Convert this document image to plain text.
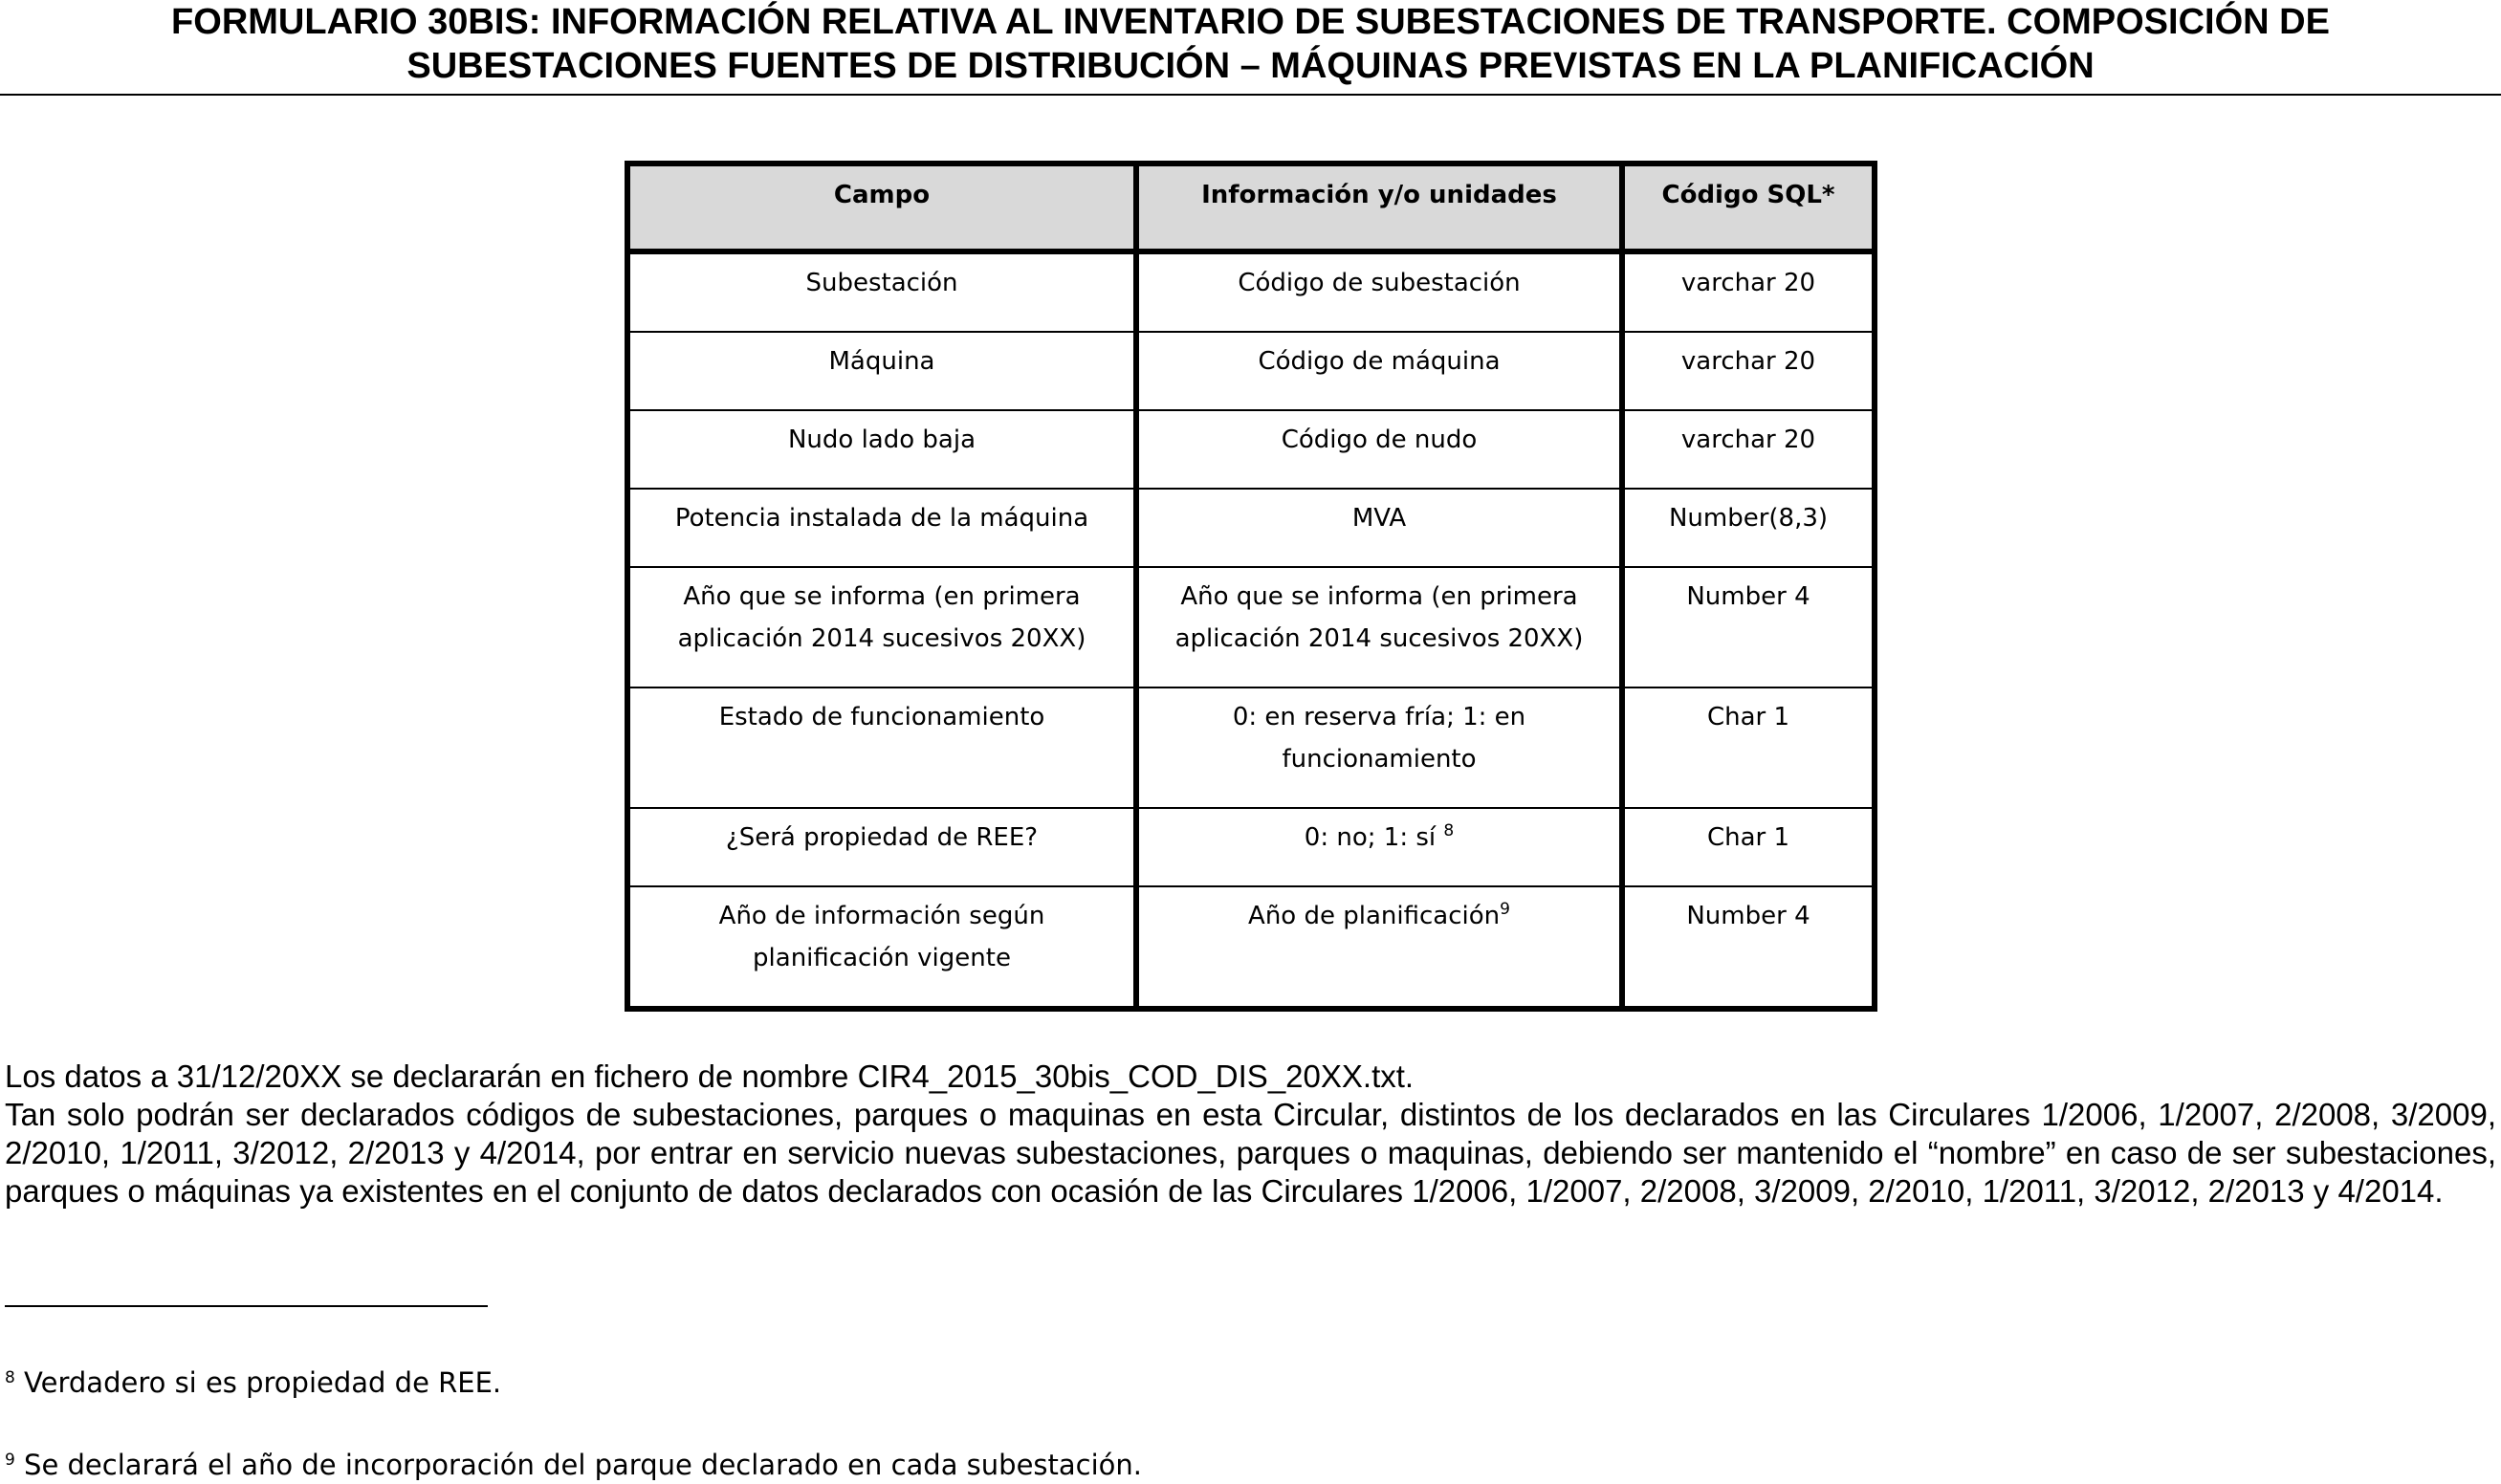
FORMULARIO 30BIS: INFORMACIÓN RELATIVA AL INVENTARIO DE SUBESTACIONES DE TRANSPORTE. COMPOSICIÓN DE
SUBESTACIONES FUENTES DE DISTRIBUCIÓN – MÁQUINAS PREVISTAS EN LA PLANIFICACIÓN
Campo	Información y/o unidades	Código SQL*
Subestación	Código de subestación	varchar 20
Máquina	Código de máquina	varchar 20
Nudo lado baja	Código de nudo	varchar 20
Potencia instalada de la máquina	MVA	Number(8,3)
Año que se informa (en primera aplicación 2014 sucesivos 20XX)	Año que se informa (en primera aplicación 2014 sucesivos 20XX)	Number 4
Estado de funcionamiento	0: en reserva fría; 1: en funcionamiento	Char 1
¿Será propiedad de REE?	0: no; 1: sí $^8$	Char 1
Año de información según planificación vigente	Año de planificación$^9$	Number 4

Los datos a 31/12/20XX se declararán en fichero de nombre CIR4_2015_30bis_COD_DIS_20XX.txt.

Tan solo podrán ser declarados códigos de subestaciones, parques o maquinas en esta Circular, distintos de los declarados en las Circulares 1/2006, 1/2007, 2/2008, 3/2009, 2/2010, 1/2011, 3/2012, 2/2013 y 4/2014, por entrar en servicio nuevas subestaciones, parques o maquinas, debiendo ser mantenido el “nombre” en caso de ser subestaciones, parques o máquinas ya existentes en el conjunto de datos declarados con ocasión de las Circulares 1/2006, 1/2007, 2/2008, 3/2009, 2/2010, 1/2011, 3/2012, 2/2013 y 4/2014.

$^8$ Verdadero si es propiedad de REE.
$^9$ Se declarará el año de incorporación del parque declarado en cada subestación.
